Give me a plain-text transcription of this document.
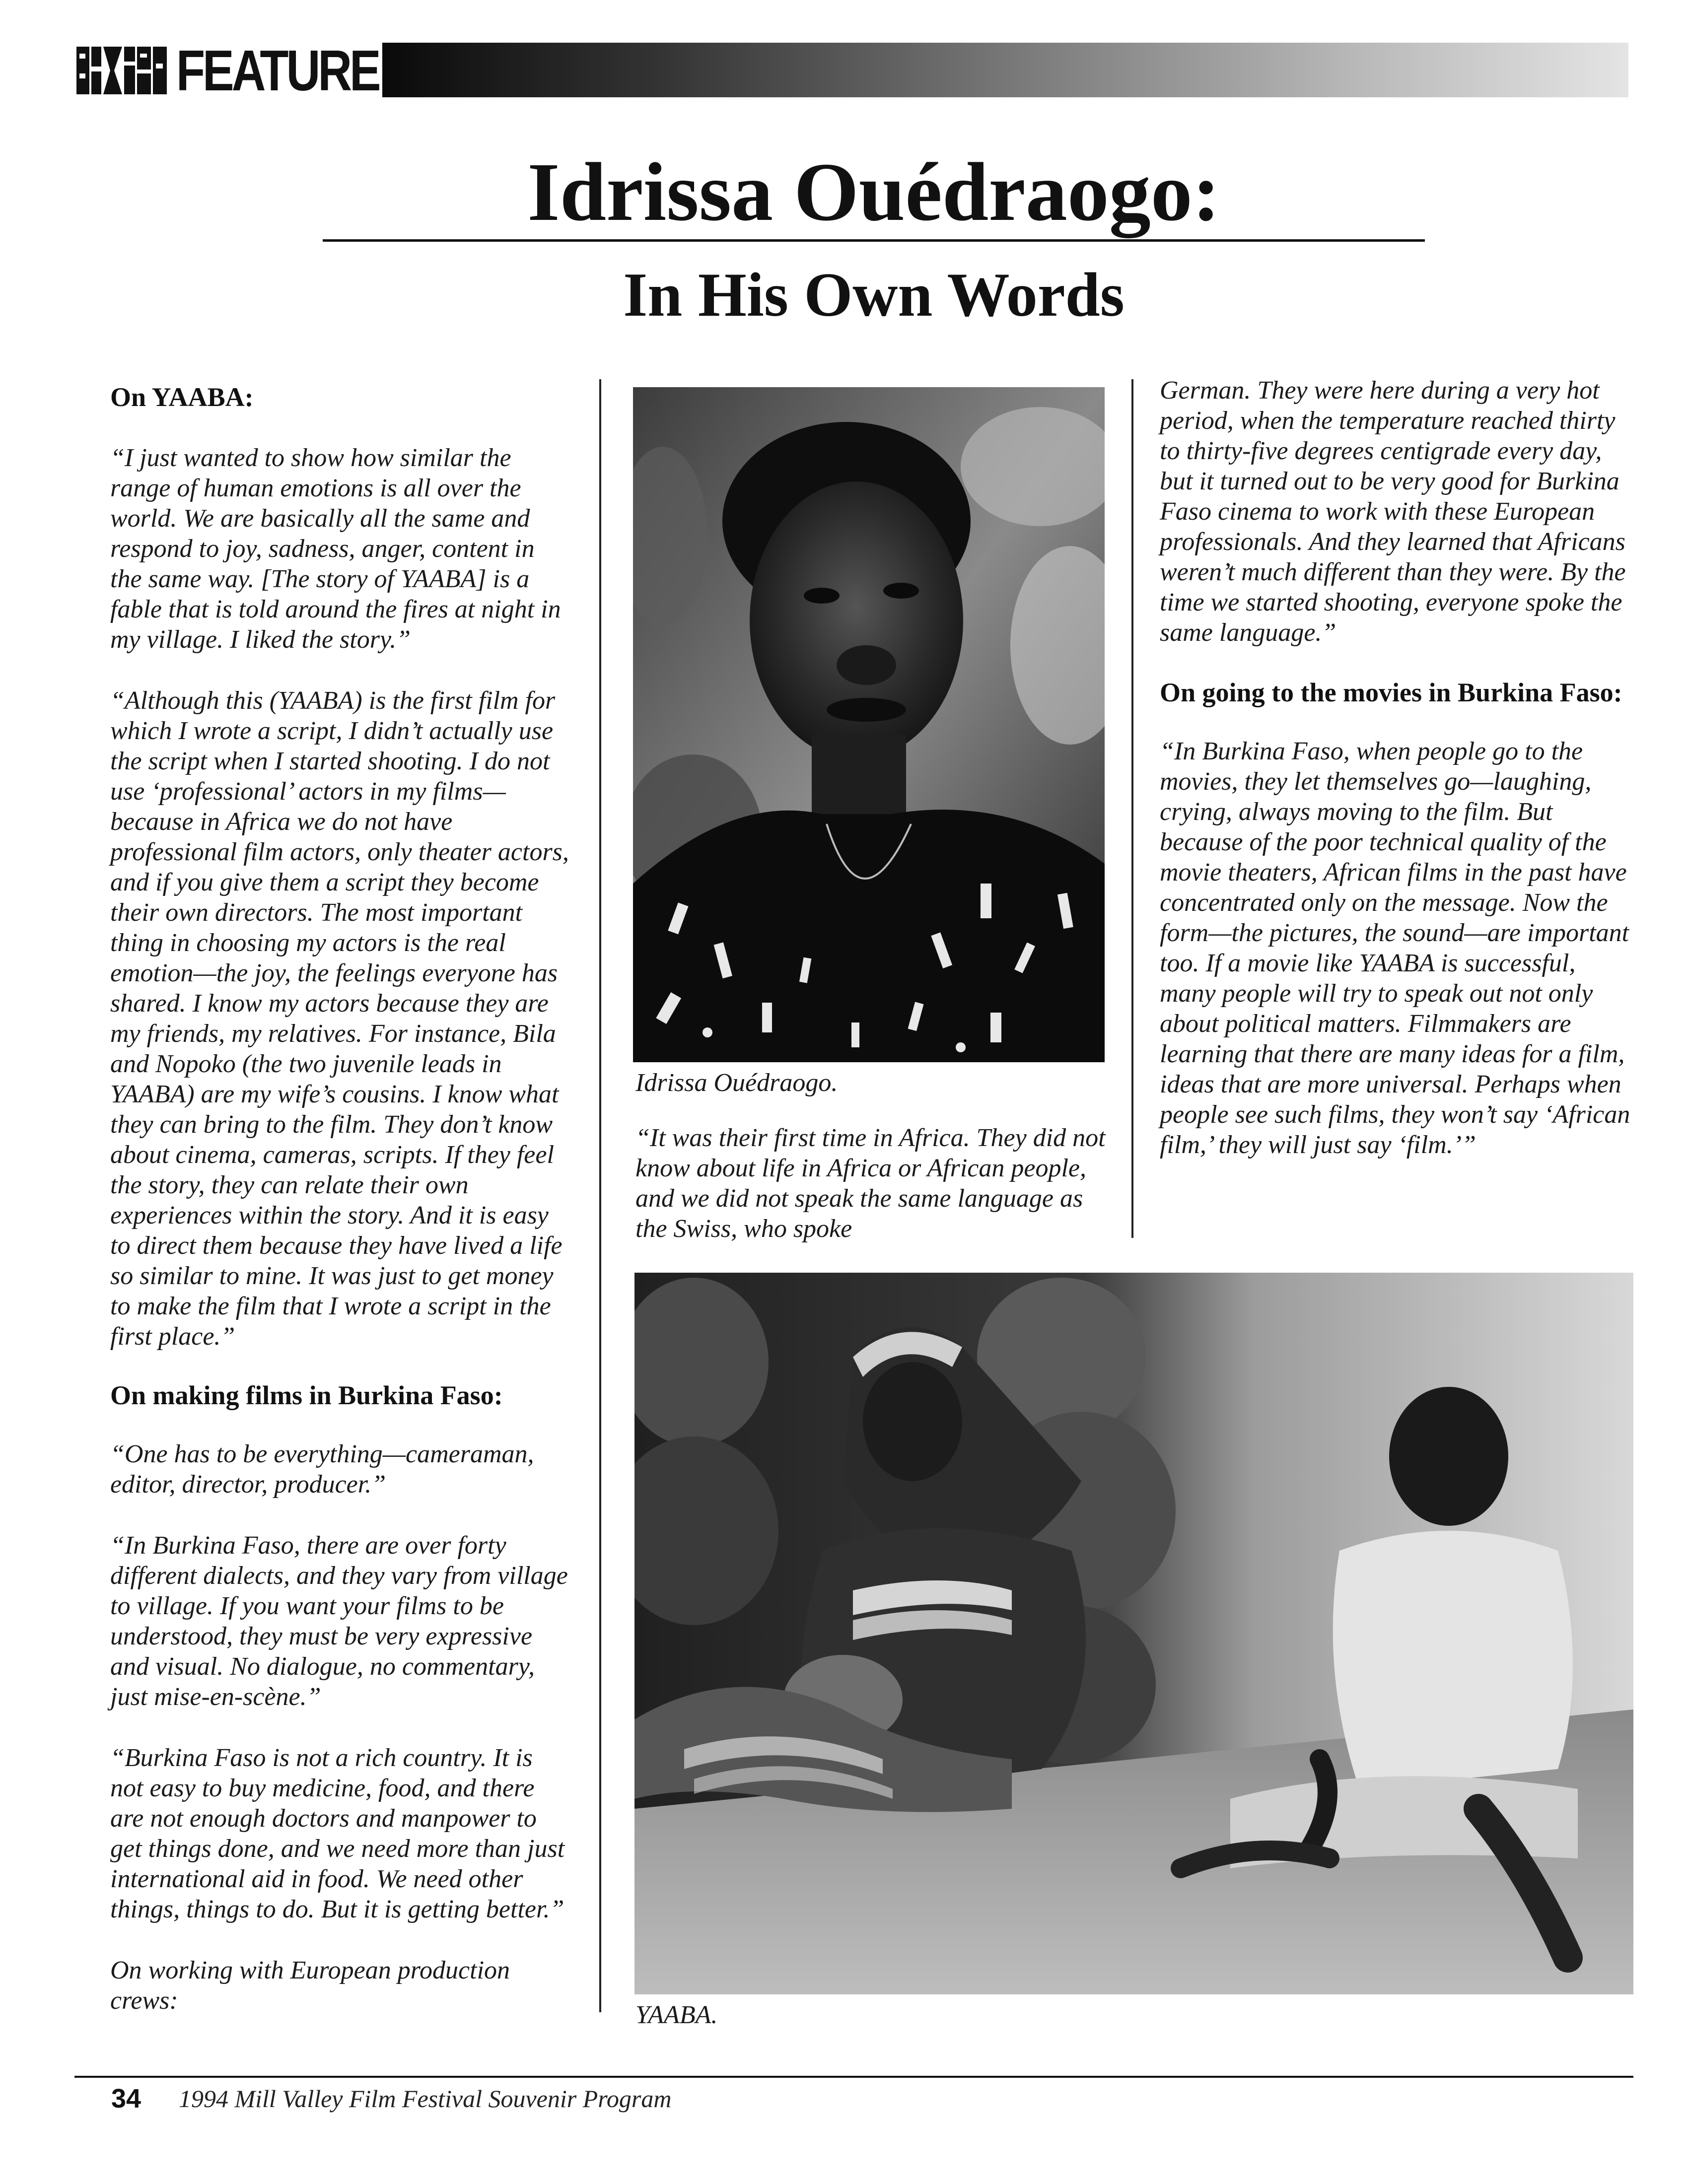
FEATURE
Idrissa Ouédraogo:
In His Own Words

On YAABA:

“I just wanted to show how similar the range of human emotions is all over the world. We are basically all the same and respond to joy, sadness, anger, content in the same way. [The story of YAABA] is a fable that is told around the fires at night in my village. I liked the story.”

“Although this (YAABA) is the first film for which I wrote a script, I didn’t actually use the script when I started shooting. I do not use ‘professional’ actors in my films—because in Africa we do not have professional film actors, only theater actors, and if you give them a script they become their own directors. The most important thing in choosing my actors is the real emotion—the joy, the feelings everyone has shared. I know my actors because they are my friends, my relatives. For instance, Bila and Nopoko (the two juvenile leads in YAABA) are my wife’s cousins. I know what they can bring to the film. They don’t know about cinema, cameras, scripts. If they feel the story, they can relate their own experiences within the story. And it is easy to direct them because they have lived a life so similar to mine. It was just to get money to make the film that I wrote a script in the first place.”

On making films in Burkina Faso:

“One has to be everything—cameraman, editor, director, producer.”

“In Burkina Faso, there are over forty different dialects, and they vary from village to village. If you want your films to be understood, they must be very expressive and visual. No dialogue, no commentary, just mise-en-scène.”

“Burkina Faso is not a rich country. It is not easy to buy medicine, food, and there are not enough doctors and manpower to get things done, and we need more than just international aid in food. We need other things, things to do. But it is getting better.”

On working with European production crews:

Idrissa Ouédraogo.

“It was their first time in Africa. They did not know about life in Africa or African people, and we did not speak the same language as the Swiss, who spoke

German. They were here during a very hot period, when the temperature reached thirty to thirty-five degrees centigrade every day, but it turned out to be very good for Burkina Faso cinema to work with these European professionals. And they learned that Africans weren’t much different than they were. By the time we started shooting, everyone spoke the same language.”

On going to the movies in Burkina Faso:

“In Burkina Faso, when people go to the movies, they let themselves go—laughing, crying, always moving to the film. But because of the poor technical quality of the movie theaters, African films in the past have concentrated only on the message. Now the form—the pictures, the sound—are important too. If a movie like YAABA is successful, many people will try to speak out not only about political matters. Filmmakers are learning that there are many ideas for a film, ideas that are more universal. Perhaps when people see such films, they won’t say ‘African film,’ they will just say ‘film.’”

YAABA.
34 1994 Mill Valley Film Festival Souvenir Program
